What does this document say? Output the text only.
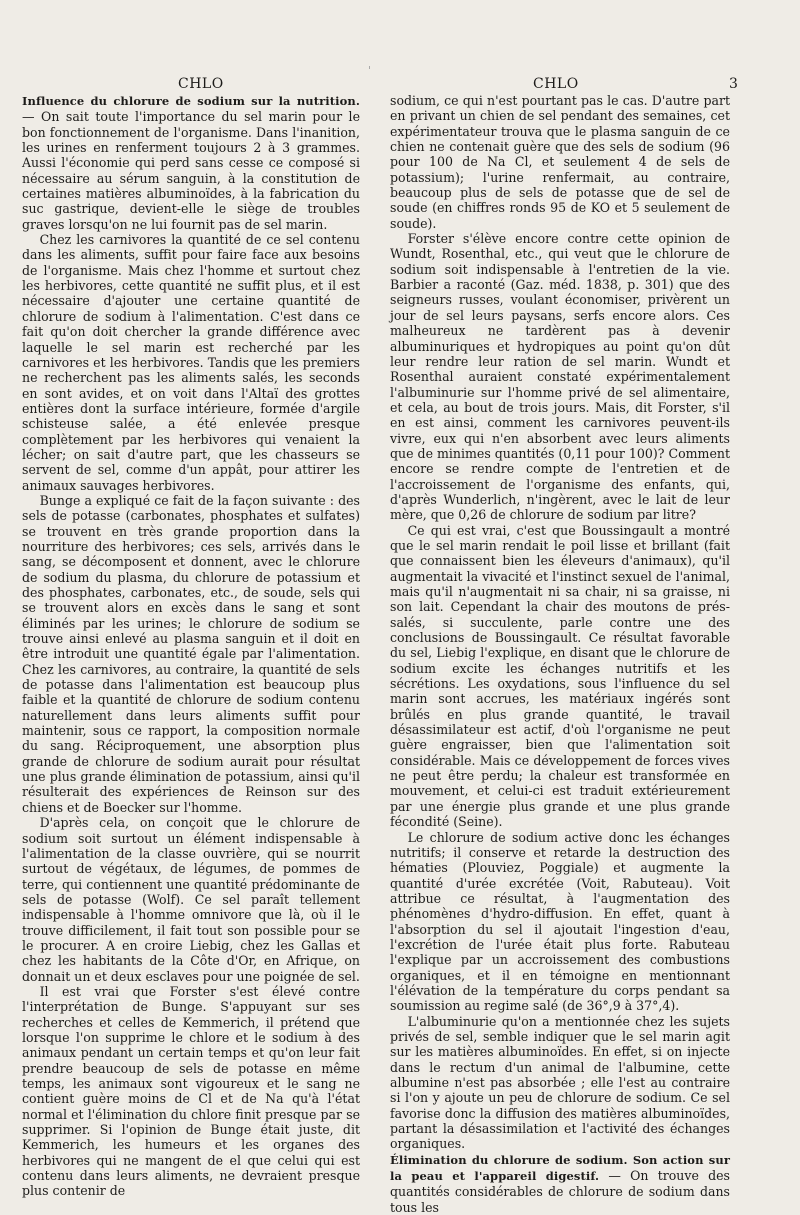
CHLO	CHLO	3

Influence du chlorure de sodium sur la nutrition. — On sait toute l'importance du sel marin pour le bon fonctionnement de l'organisme. Dans l'inanition, les urines en renferment toujours 2 à 3 grammes. Aussi l'économie qui perd sans cesse ce composé si nécessaire au sérum sanguin, à la constitution de certaines matières albuminoïdes, à la fabrication du suc gastrique, devient-elle le siège de troubles graves lorsqu'on ne lui fournit pas de sel marin.

Chez les carnivores la quantité de ce sel contenu dans les aliments, suffit pour faire face aux besoins de l'organisme. Mais chez l'homme et surtout chez les herbivores, cette quantité ne suffit plus, et il est nécessaire d'ajouter une certaine quantité de chlorure de sodium à l'alimentation. C'est dans ce fait qu'on doit chercher la grande différence avec laquelle le sel marin est recherché par les carnivores et les herbivores. Tandis que les premiers ne recherchent pas les aliments salés, les seconds en sont avides, et on voit dans l'Altaï des grottes entières dont la surface intérieure, formée d'argile schisteuse salée, a été enlevée presque complètement par les herbivores qui venaient la lécher; on sait d'autre part, que les chasseurs se servent de sel, comme d'un appât, pour attirer les animaux sauvages herbivores.

Bunge a expliqué ce fait de la façon suivante : des sels de potasse (carbonates, phosphates et sulfates) se trouvent en très grande proportion dans la nourriture des herbivores; ces sels, arrivés dans le sang, se décomposent et donnent, avec le chlorure de sodium du plasma, du chlorure de potassium et des phosphates, carbonates, etc., de soude, sels qui se trouvent alors en excès dans le sang et sont éliminés par les urines; le chlorure de sodium se trouve ainsi enlevé au plasma sanguin et il doit en être introduit une quantité égale par l'alimentation. Chez les carnivores, au contraire, la quantité de sels de potasse dans l'alimentation est beaucoup plus faible et la quantité de chlorure de sodium contenu naturellement dans leurs aliments suffit pour maintenir, sous ce rapport, la composition normale du sang. Réciproquement, une absorption plus grande de chlorure de sodium aurait pour résultat une plus grande élimination de potassium, ainsi qu'il résulterait des expériences de Reinson sur des chiens et de Boecker sur l'homme.

D'après cela, on conçoit que le chlorure de sodium soit surtout un élément indispensable à l'alimentation de la classe ouvrière, qui se nourrit surtout de végétaux, de légumes, de pommes de terre, qui contiennent une quantité prédominante de sels de potasse (Wolf). Ce sel paraît tellement indispensable à l'homme omnivore que là, où il le trouve difficilement, il fait tout son possible pour se le procurer. A en croire Liebig, chez les Gallas et chez les habitants de la Côte d'Or, en Afrique, on donnait un et deux esclaves pour une poignée de sel.

Il est vrai que Forster s'est élevé contre l'interprétation de Bunge. S'appuyant sur ses recherches et celles de Kemmerich, il prétend que lorsque l'on supprime le chlore et le sodium à des animaux pendant un certain temps et qu'on leur fait prendre beaucoup de sels de potasse en même temps, les animaux sont vigoureux et le sang ne contient guère moins de Cl et de Na qu'à l'état normal et l'élimination du chlore finit presque par se supprimer. Si l'opinion de Bunge était juste, dit Kemmerich, les humeurs et les organes des herbivores qui ne mangent de el que celui qui est contenu dans leurs aliments, ne devraient presque plus contenir de

sodium, ce qui n'est pourtant pas le cas. D'autre part en privant un chien de sel pendant des semaines, cet expérimentateur trouva que le plasma sanguin de ce chien ne contenait guère que des sels de sodium (96 pour 100 de Na Cl, et seulement 4 de sels de potassium); l'urine renfermait, au contraire, beaucoup plus de sels de potasse que de sel de soude (en chiffres ronds 95 de KO et 5 seulement de soude).

Forster s'élève encore contre cette opinion de Wundt, Rosenthal, etc., qui veut que le chlorure de sodium soit indispensable à l'entretien de la vie. Barbier a raconté (Gaz. méd. 1838, p. 301) que des seigneurs russes, voulant économiser, privèrent un jour de sel leurs paysans, serfs encore alors. Ces malheureux ne tardèrent pas à devenir albuminuriques et hydropiques au point qu'on dût leur rendre leur ration de sel marin. Wundt et Rosenthal auraient constaté expérimentalement l'albuminurie sur l'homme privé de sel alimentaire, et cela, au bout de trois jours. Mais, dit Forster, s'il en est ainsi, comment les carnivores peuvent-ils vivre, eux qui n'en absorbent avec leurs aliments que de minimes quantités (0,11 pour 100)? Comment encore se rendre compte de l'entretien et de l'accroissement de l'organisme des enfants, qui, d'après Wunderlich, n'ingèrent, avec le lait de leur mère, que 0,26 de chlorure de sodium par litre?

Ce qui est vrai, c'est que Boussingault a montré que le sel marin rendait le poil lisse et brillant (fait que connaissent bien les éleveurs d'animaux), qu'il augmentait la vivacité et l'instinct sexuel de l'animal, mais qu'il n'augmentait ni sa chair, ni sa graisse, ni son lait. Cependant la chair des moutons de prés-salés, si succulente, parle contre une des conclusions de Boussingault. Ce résultat favorable du sel, Liebig l'explique, en disant que le chlorure de sodium excite les échanges nutritifs et les sécrétions. Les oxydations, sous l'influence du sel marin sont accrues, les matériaux ingérés sont brûlés en plus grande quantité, le travail désassimilateur est actif, d'où l'organisme ne peut guère engraisser, bien que l'alimentation soit considérable. Mais ce développement de forces vives ne peut être perdu; la chaleur est transformée en mouvement, et celui-ci est traduit extérieurement par une énergie plus grande et une plus grande fécondité (Seine).

Le chlorure de sodium active donc les échanges nutritifs; il conserve et retarde la destruction des hématies (Plouviez, Poggiale) et augmente la quantité d'urée excrétée (Voit, Rabuteau). Voit attribue ce résultat, à l'augmentation des phénomènes d'hydro-diffusion. En effet, quant à l'absorption du sel il ajoutait l'ingestion d'eau, l'excrétion de l'urée était plus forte. Rabuteau l'explique par un accroissement des combustions organiques, et il en témoigne en mentionnant l'élévation de la température du corps pendant sa soumission au regime salé (de 36°,9 à 37°,4).

L'albuminurie qu'on a mentionnée chez les sujets privés de sel, semble indiquer que le sel marin agit sur les matières albuminoïdes. En effet, si on injecte dans le rectum d'un animal de l'albumine, cette albumine n'est pas absorbée ; elle l'est au contraire si l'on y ajoute un peu de chlorure de sodium. Ce sel favorise donc la diffusion des matières albuminoïdes, partant la désassimilation et l'activité des échanges organiques.

Élimination du chlorure de sodium. Son action sur la peau et l'appareil digestif. — On trouve des quantités considérables de chlorure de sodium dans tous les
